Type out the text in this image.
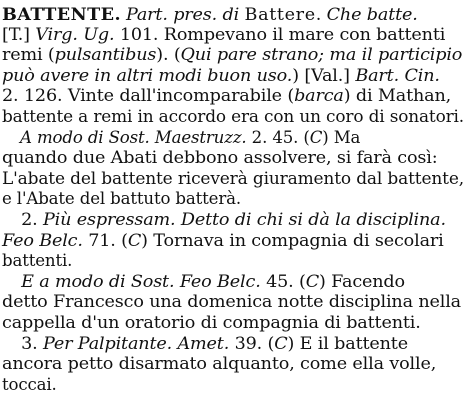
BATTENTE. Part. pres. di Battere. Che batte.
[T.] Virg. Ug. 101. Rompevano il mare con battenti
remi (pulsantibus). (Qui pare strano; ma il participio
può avere in altri modi buon uso.) [Val.] Bart. Cin.
2. 126. Vinte dall'incomparabile (barca) di Mathan,
battente a remi in accordo era con un coro di sonatori.
A modo di Sost. Maestruzz. 2. 45. (C) Ma
quando due Abati debbono assolvere, si farà così:
L'abate del battente riceverà giuramento dal battente,
e l'Abate del battuto batterà.
2. Più espressam. Detto di chi si dà la disciplina.
Feo Belc. 71. (C) Tornava in compagnia di secolari
battenti.
E a modo di Sost. Feo Belc. 45. (C) Facendo
detto Francesco una domenica notte disciplina nella
cappella d'un oratorio di compagnia di battenti.
3. Per Palpitante. Amet. 39. (C) E il battente
ancora petto disarmato alquanto, come ella volle,
toccai.
